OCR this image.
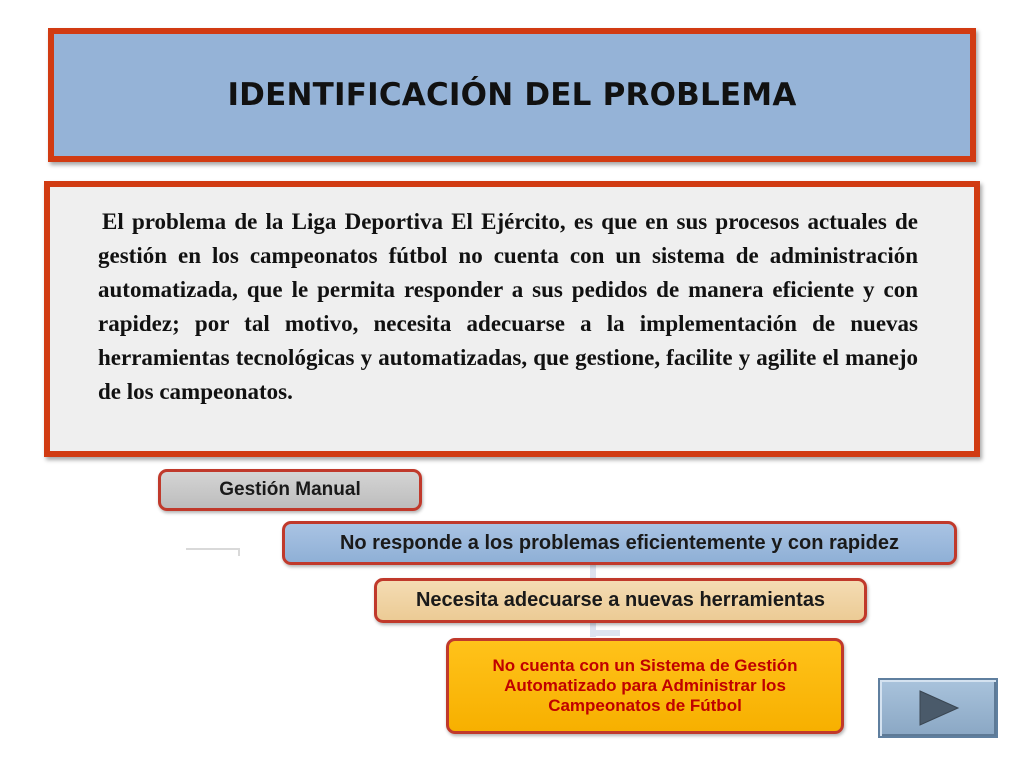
IDENTIFICACIÓN DEL PROBLEMA

El problema de la Liga Deportiva El Ejército, es que en sus procesos actuales de gestión en los campeonatos fútbol no cuenta con un sistema de administración automatizada, que le permita responder a sus pedidos de manera eficiente y con rapidez; por tal motivo, necesita adecuarse a la implementación de nuevas herramientas tecnológicas y automatizadas, que gestione, facilite y agilite el manejo de los campeonatos.

Gestión Manual
No responde a los problemas eficientemente y con rapidez
Necesita adecuarse a nuevas herramientas
No cuenta con un Sistema de Gestión Automatizado para Administrar los Campeonatos de Fútbol
